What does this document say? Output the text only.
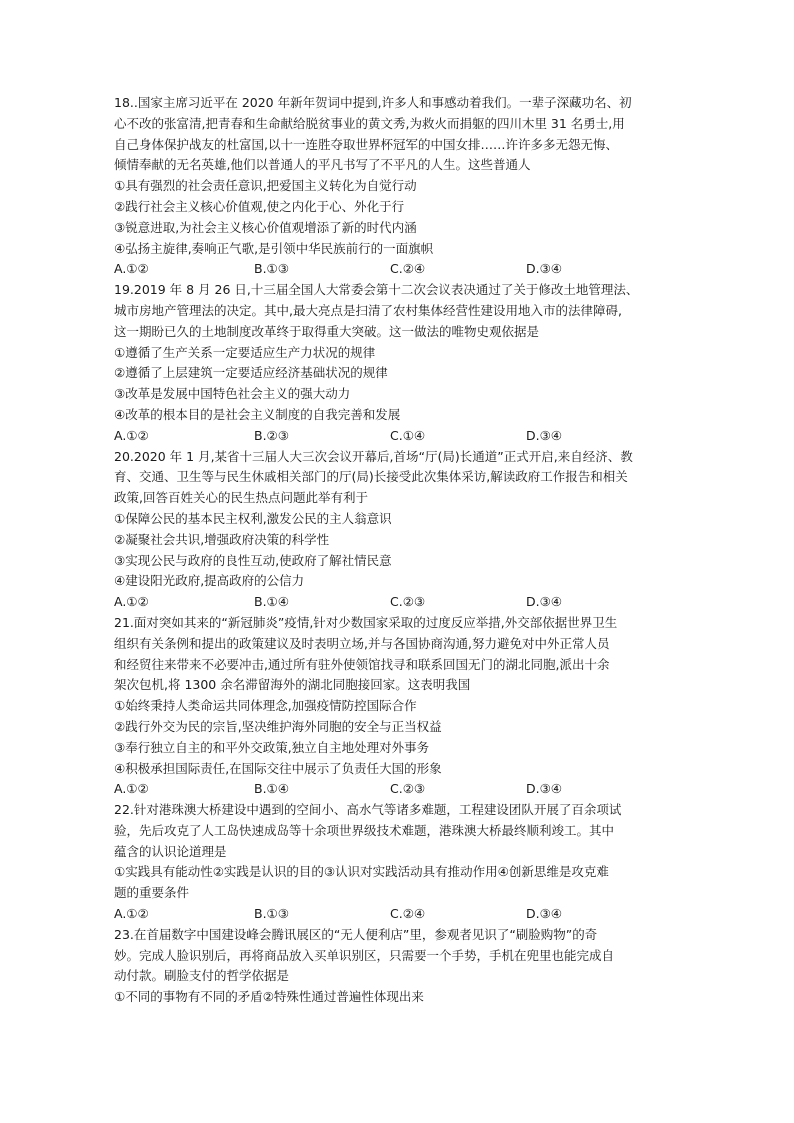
18..国家主席习近平在 2020 年新年贺词中提到,许多人和事感动着我们。一辈子深藏功名、初
心不改的张富清,把青春和生命献给脱贫事业的黄文秀,为救火而捐躯的四川木里 31 名勇士,用
自己身体保护战友的杜富国,以十一连胜夺取世界杯冠军的中国女排……许许多多无怨无悔、
倾情奉献的无名英雄,他们以普通人的平凡书写了不平凡的人生。这些普通人
①具有强烈的社会责任意识,把爱国主义转化为自觉行动
②践行社会主义核心价值观,使之内化于心、外化于行
③锐意进取,为社会主义核心价值观增添了新的时代内涵
④弘扬主旋律,奏响正气歌,是引领中华民族前行的一面旗帜
A.①②	B.①③	C.②④	D.③④
19.2019 年 8 月 26 日,十三届全国人大常委会第十二次会议表决通过了关于修改土地管理法、
城市房地产管理法的决定。其中,最大亮点是扫清了农村集体经营性建设用地入市的法律障碍,
这一期盼已久的土地制度改革终于取得重大突破。这一做法的唯物史观依据是
①遵循了生产关系一定要适应生产力状况的规律
②遵循了上层建筑一定要适应经济基础状况的规律
③改革是发展中国特色社会主义的强大动力
④改革的根本目的是社会主义制度的自我完善和发展
A.①②	B.②③	C.①④	D.③④
20.2020 年 1 月,某省十三届人大三次会议开幕后,首场“厅(局)长通道”正式开启,来自经济、教
育、交通、卫生等与民生休戚相关部门的厅(局)长接受此次集体采访,解读政府工作报告和相关
政策,回答百姓关心的民生热点问题此举有利于
①保障公民的基本民主权利,激发公民的主人翁意识
②凝聚社会共识,增强政府决策的科学性
③实现公民与政府的良性互动,使政府了解社情民意
④建设阳光政府,提高政府的公信力
A.①②	B.①④	C.②③	D.③④
21.面对突如其来的“新冠肺炎”疫情,针对少数国家采取的过度反应举措,外交部依据世界卫生
组织有关条例和提出的政策建议及时表明立场,并与各国协商沟通,努力避免对中外正常人员
和经贸往来带来不必要冲击,通过所有驻外使领馆找寻和联系回国无门的湖北同胞,派出十余
架次包机,将 1300 余名滞留海外的湖北同胞接回家。这表明我国
①始终秉持人类命运共同体理念,加强疫情防控国际合作
②践行外交为民的宗旨,坚决维护海外同胞的安全与正当权益
③奉行独立自主的和平外交政策,独立自主地处理对外事务
④积极承担国际责任,在国际交往中展示了负责任大国的形象
A.①②	B.①④	C.②③	D.③④
22.针对港珠澳大桥建设中遇到的空间小、高水气等诸多难题，工程建设团队开展了百余项试
验，先后攻克了人工岛快速成岛等十余项世界级技术难题，港珠澳大桥最终顺利竣工。其中
蕴含的认识论道理是
①实践具有能动性②实践是认识的目的③认识对实践活动具有推动作用④创新思维是攻克难
题的重要条件
A.①②	B.①③	C.②④	D.③④
23.在首届数字中国建设峰会腾讯展区的“无人便利店”里，参观者见识了“刷脸购物”的奇
妙。完成人脸识别后，再将商品放入买单识别区，只需要一个手势，手机在兜里也能完成自
动付款。刷脸支付的哲学依据是
①不同的事物有不同的矛盾②特殊性通过普遍性体现出来
